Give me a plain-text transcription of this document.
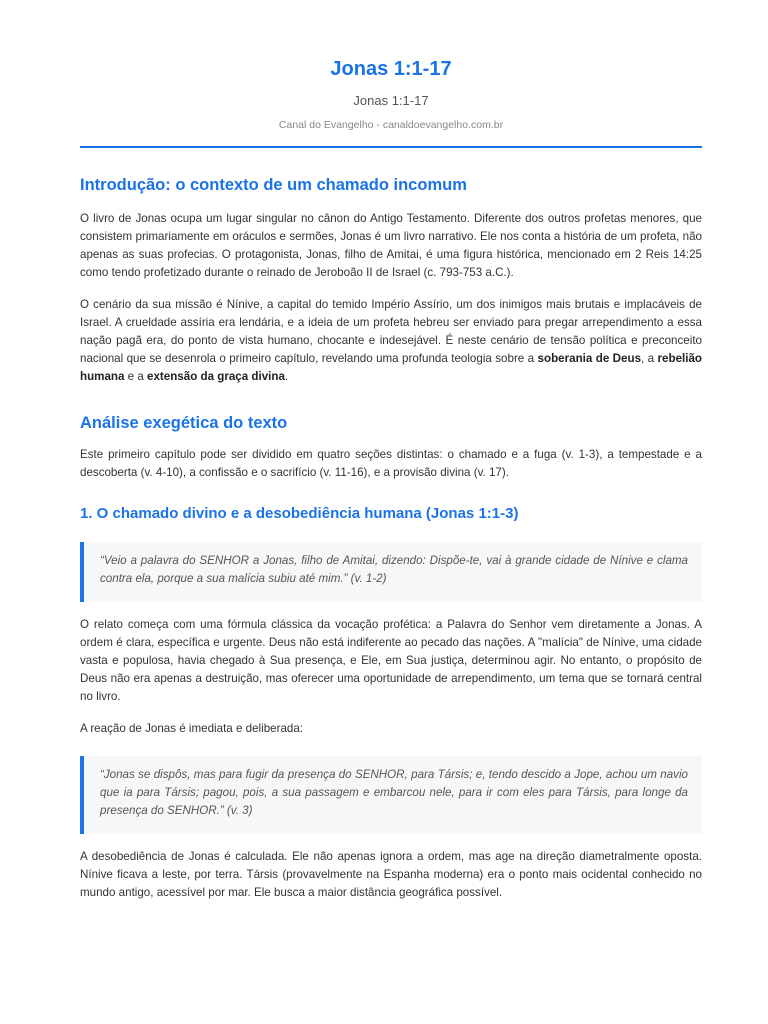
Jonas 1:1-17

Jonas 1:1-17

Canal do Evangelho - canaldoevangelho.com.br

Introdução: o contexto de um chamado incomum

O livro de Jonas ocupa um lugar singular no cânon do Antigo Testamento. Diferente dos outros profetas menores, que consistem primariamente em oráculos e sermões, Jonas é um livro narrativo. Ele nos conta a história de um profeta, não apenas as suas profecias. O protagonista, Jonas, filho de Amitai, é uma figura histórica, mencionado em 2 Reis 14:25 como tendo profetizado durante o reinado de Jeroboão II de Israel (c. 793-753 a.C.).

O cenário da sua missão é Nínive, a capital do temido Império Assírio, um dos inimigos mais brutais e implacáveis de Israel. A crueldade assíria era lendária, e a ideia de um profeta hebreu ser enviado para pregar arrependimento a essa nação pagã era, do ponto de vista humano, chocante e indesejável. É neste cenário de tensão política e preconceito nacional que se desenrola o primeiro capítulo, revelando uma profunda teologia sobre a soberania de Deus, a rebelião humana e a extensão da graça divina.

Análise exegética do texto

Este primeiro capítulo pode ser dividido em quatro seções distintas: o chamado e a fuga (v. 1-3), a tempestade e a descoberta (v. 4-10), a confissão e o sacrifício (v. 11-16), e a provisão divina (v. 17).

1. O chamado divino e a desobediência humana (Jonas 1:1-3)

“Veio a palavra do SENHOR a Jonas, filho de Amitai, dizendo: Dispõe-te, vai à grande cidade de Nínive e clama contra ela, porque a sua malícia subiu até mim.” (v. 1-2)

O relato começa com uma fórmula clássica da vocação profética: a Palavra do Senhor vem diretamente a Jonas. A ordem é clara, específica e urgente. Deus não está indiferente ao pecado das nações. A "malícia" de Nínive, uma cidade vasta e populosa, havia chegado à Sua presença, e Ele, em Sua justiça, determinou agir. No entanto, o propósito de Deus não era apenas a destruição, mas oferecer uma oportunidade de arrependimento, um tema que se tornará central no livro.

A reação de Jonas é imediata e deliberada:

“Jonas se dispôs, mas para fugir da presença do SENHOR, para Társis; e, tendo descido a Jope, achou um navio que ia para Társis; pagou, pois, a sua passagem e embarcou nele, para ir com eles para Társis, para longe da presença do SENHOR.” (v. 3)

A desobediência de Jonas é calculada. Ele não apenas ignora a ordem, mas age na direção diametralmente oposta. Nínive ficava a leste, por terra. Társis (provavelmente na Espanha moderna) era o ponto mais ocidental conhecido no mundo antigo, acessível por mar. Ele busca a maior distância geográfica possível.
